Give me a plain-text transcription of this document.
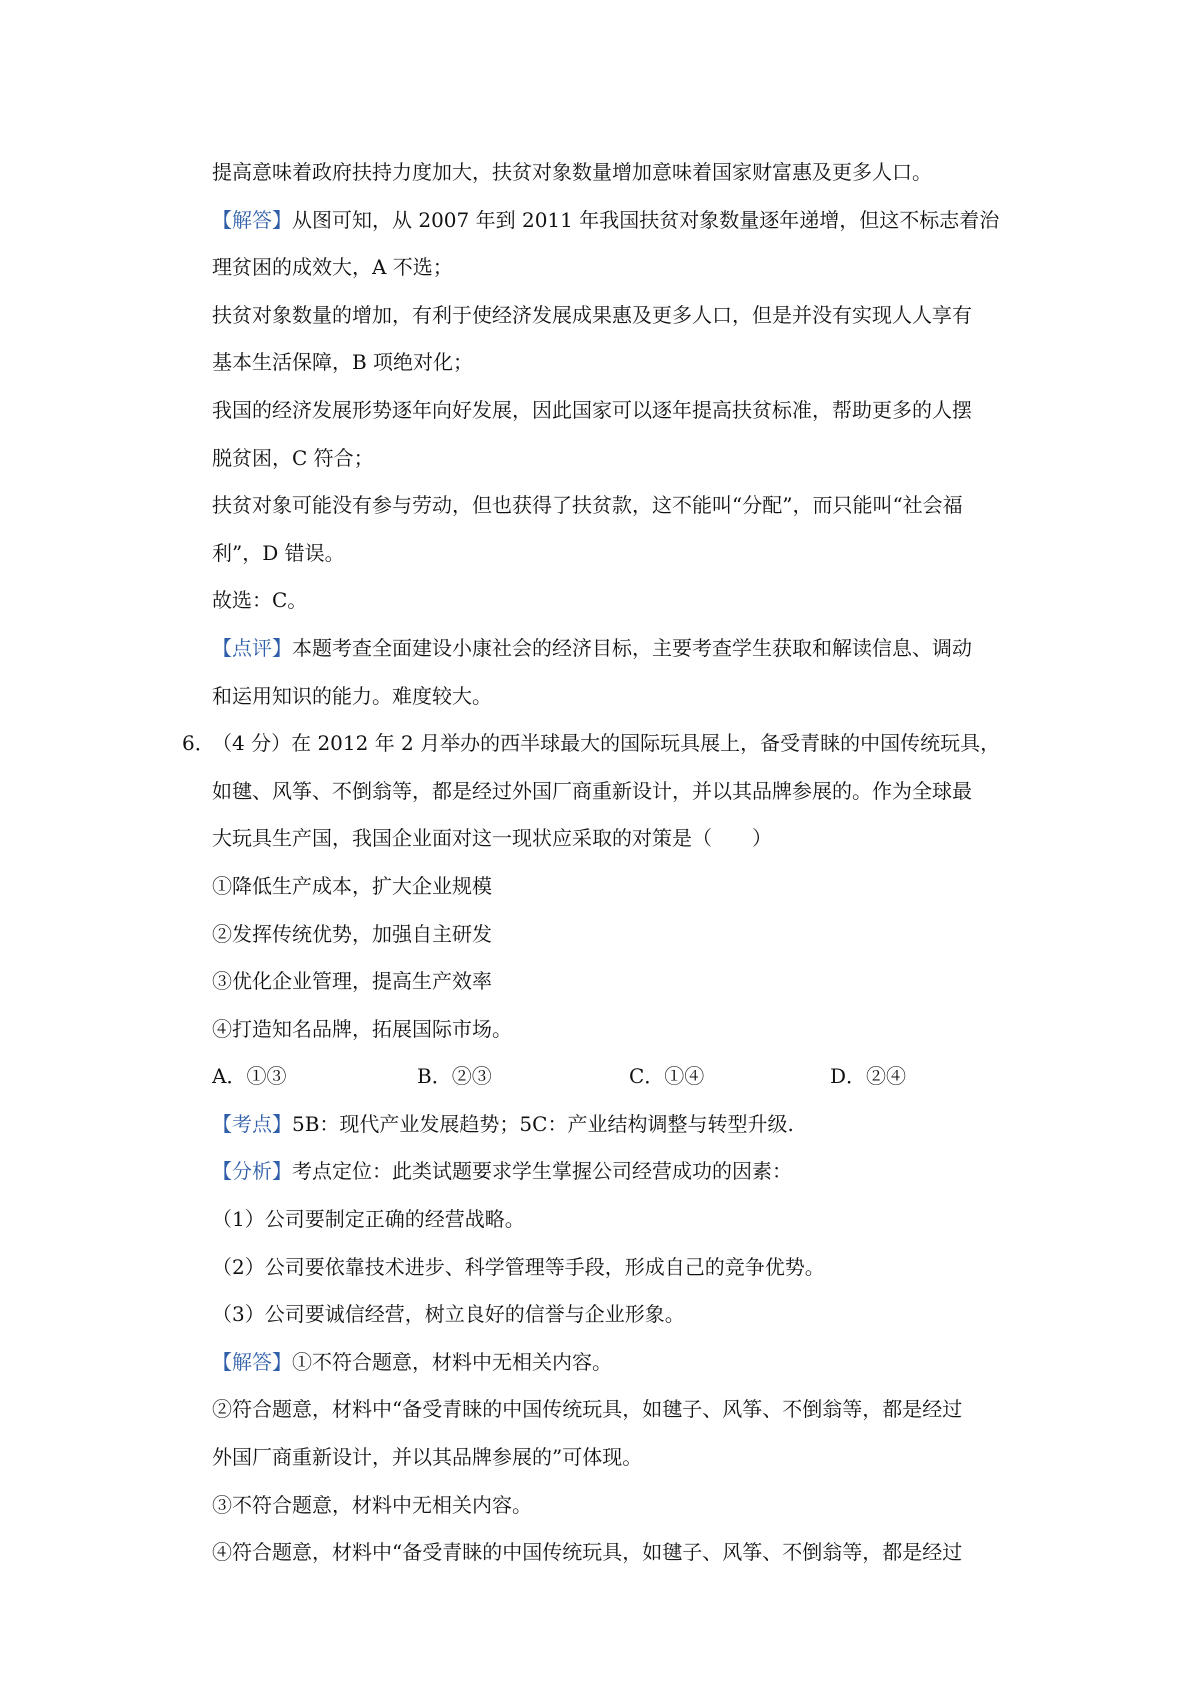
提高意味着政府扶持力度加大，扶贫对象数量增加意味着国家财富惠及更多人口。
【解答】从图可知，从 2007 年到 2011 年我国扶贫对象数量逐年递增，但这不标志着治
理贫困的成效大，A 不选；
扶贫对象数量的增加，有利于使经济发展成果惠及更多人口，但是并没有实现人人享有
基本生活保障，B 项绝对化；
我国的经济发展形势逐年向好发展，因此国家可以逐年提高扶贫标准，帮助更多的人摆
脱贫困，C 符合；
扶贫对象可能没有参与劳动，但也获得了扶贫款，这不能叫“分配”，而只能叫“社会福
利”，D 错误。
故选：C。
【点评】本题考查全面建设小康社会的经济目标，主要考查学生获取和解读信息、调动
和运用知识的能力。难度较大。
6．
（4 分）在 2012 年 2 月举办的西半球最大的国际玩具展上，备受青睐的中国传统玩具，
如毽、风筝、不倒翁等，都是经过外国厂商重新设计，并以其品牌参展的。作为全球最
大玩具生产国，我国企业面对这一现状应采取的对策是（　　）
①降低生产成本，扩大企业规模
②发挥传统优势，加强自主研发
③优化企业管理，提高生产效率
④打造知名品牌，拓展国际市场。
A．①③	B．②③	C．①④	D．②④
【考点】5B：现代产业发展趋势；5C：产业结构调整与转型升级.
【分析】考点定位：此类试题要求学生掌握公司经营成功的因素：
（1）公司要制定正确的经营战略。
（2）公司要依靠技术进步、科学管理等手段，形成自己的竞争优势。
（3）公司要诚信经营，树立良好的信誉与企业形象。
【解答】①不符合题意，材料中无相关内容。
②符合题意，材料中“备受青睐的中国传统玩具，如毽子、风筝、不倒翁等，都是经过
外国厂商重新设计，并以其品牌参展的”可体现。
③不符合题意，材料中无相关内容。
④符合题意，材料中“备受青睐的中国传统玩具，如毽子、风筝、不倒翁等，都是经过
